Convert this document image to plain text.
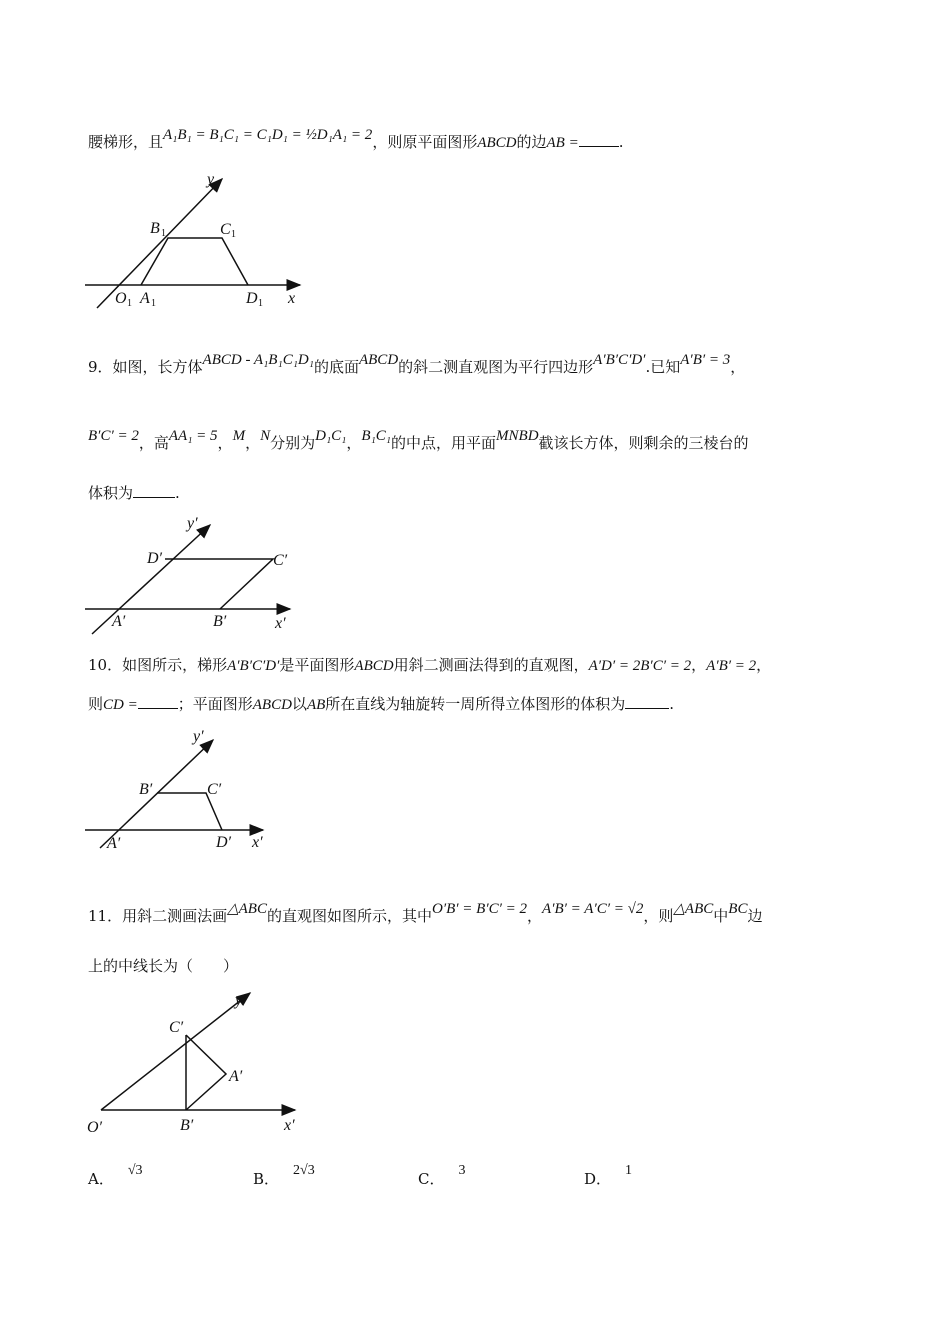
腰梯形，且A₁B₁ = B₁C₁ = C₁D₁ = ½D₁A₁ = 2，则原平面图形ABCD的边AB =	.
y
x
B 1	C 1
O 1 A 1	D 1
9．如图，长方体ABCD - A₁B₁C₁D₁的底面ABCD的斜二测直观图为平行四边形A′B′C′D′.已知A′B′ = 3，
B′C′ = 2，高AA₁ = 5，M，N分别为D₁C₁，B₁C₁的中点，用平面MNBD截该长方体，则剩余的三棱台的
体积为	.
y′
x′
D′	C′
A′	B′
10．如图所示，梯形A′B′C′D′是平面图形ABCD用斜二测画法得到的直观图，A′D′ = 2B′C′ = 2，A′B′ = 2，
则CD =	；平面图形ABCD以AB所在直线为轴旋转一周所得立体图形的体积为	.
y′
x′
B′	C′
A′	D′
11．用斜二测画法画△ABC的直观图如图所示，其中O′B′ = B′C′ = 2，A′B′ = A′C′ = √2，则△ABC中BC边
上的中线长为（　　）
y′
x′
C′
A′
O′	B′
A． √3	B． 2√3	C． 3	D． 1
